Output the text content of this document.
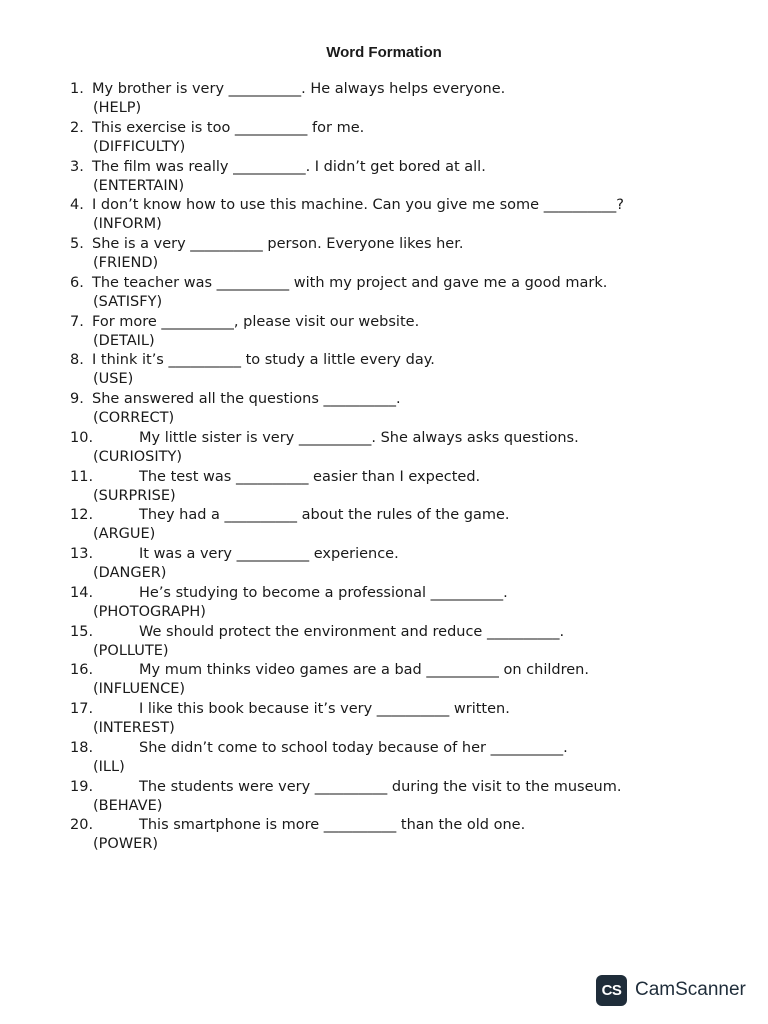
Word Formation
1. My brother is very __________. He always helps everyone.
(HELP)
2. This exercise is too __________ for me.
(DIFFICULTY)
3. The film was really __________. I didn’t get bored at all.
(ENTERTAIN)
4. I don’t know how to use this machine. Can you give me some __________?
(INFORM)
5. She is a very __________ person. Everyone likes her.
(FRIEND)
6. The teacher was __________ with my project and gave me a good mark.
(SATISFY)
7. For more __________, please visit our website.
(DETAIL)
8. I think it’s __________ to study a little every day.
(USE)
9. She answered all the questions __________.
(CORRECT)
10.	My little sister is very __________. She always asks questions.
(CURIOSITY)
11.	The test was __________ easier than I expected.
(SURPRISE)
12.	They had a __________ about the rules of the game.
(ARGUE)
13.	It was a very __________ experience.
(DANGER)
14.	He’s studying to become a professional __________.
(PHOTOGRAPH)
15.	We should protect the environment and reduce __________.
(POLLUTE)
16.	My mum thinks video games are a bad __________ on children.
(INFLUENCE)
17.	I like this book because it’s very __________ written.
(INTEREST)
18.	She didn’t come to school today because of her __________.
(ILL)
19.	The students were very __________ during the visit to the museum.
(BEHAVE)
20.	This smartphone is more __________ than the old one.
(POWER)
CS CamScanner
